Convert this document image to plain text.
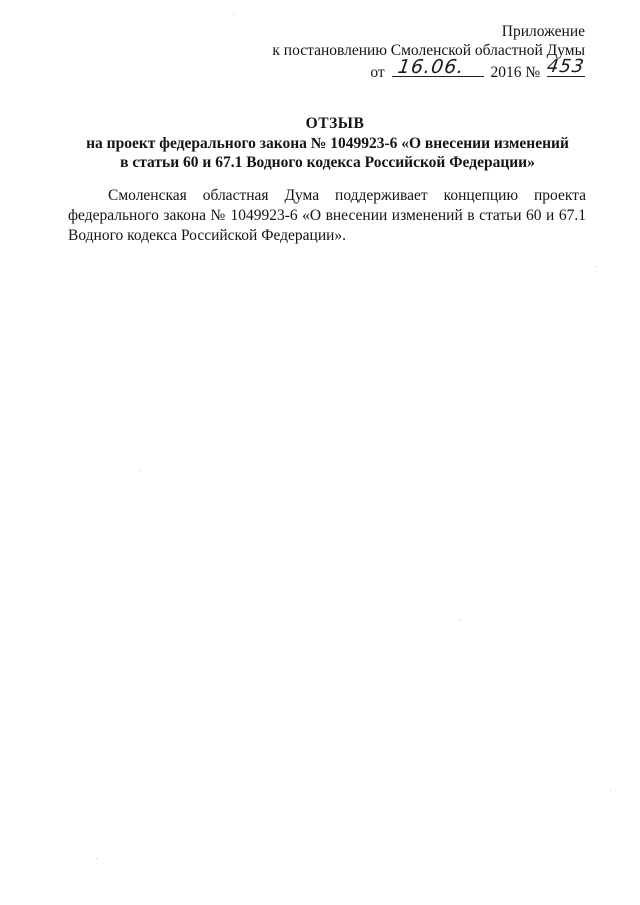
Приложение
к постановлению Смоленской областной Думы
от 16.06. 2016 № 453
ОТЗЫВ
на проект федерального закона № 1049923-6 «О внесении изменений
в статьи 60 и 67.1 Водного кодекса Российской Федерации»
Смоленская областная Дума поддерживает концепцию проекта федерального закона № 1049923-6 «О внесении изменений в статьи 60 и 67.1 Водного кодекса Российской Федерации».
